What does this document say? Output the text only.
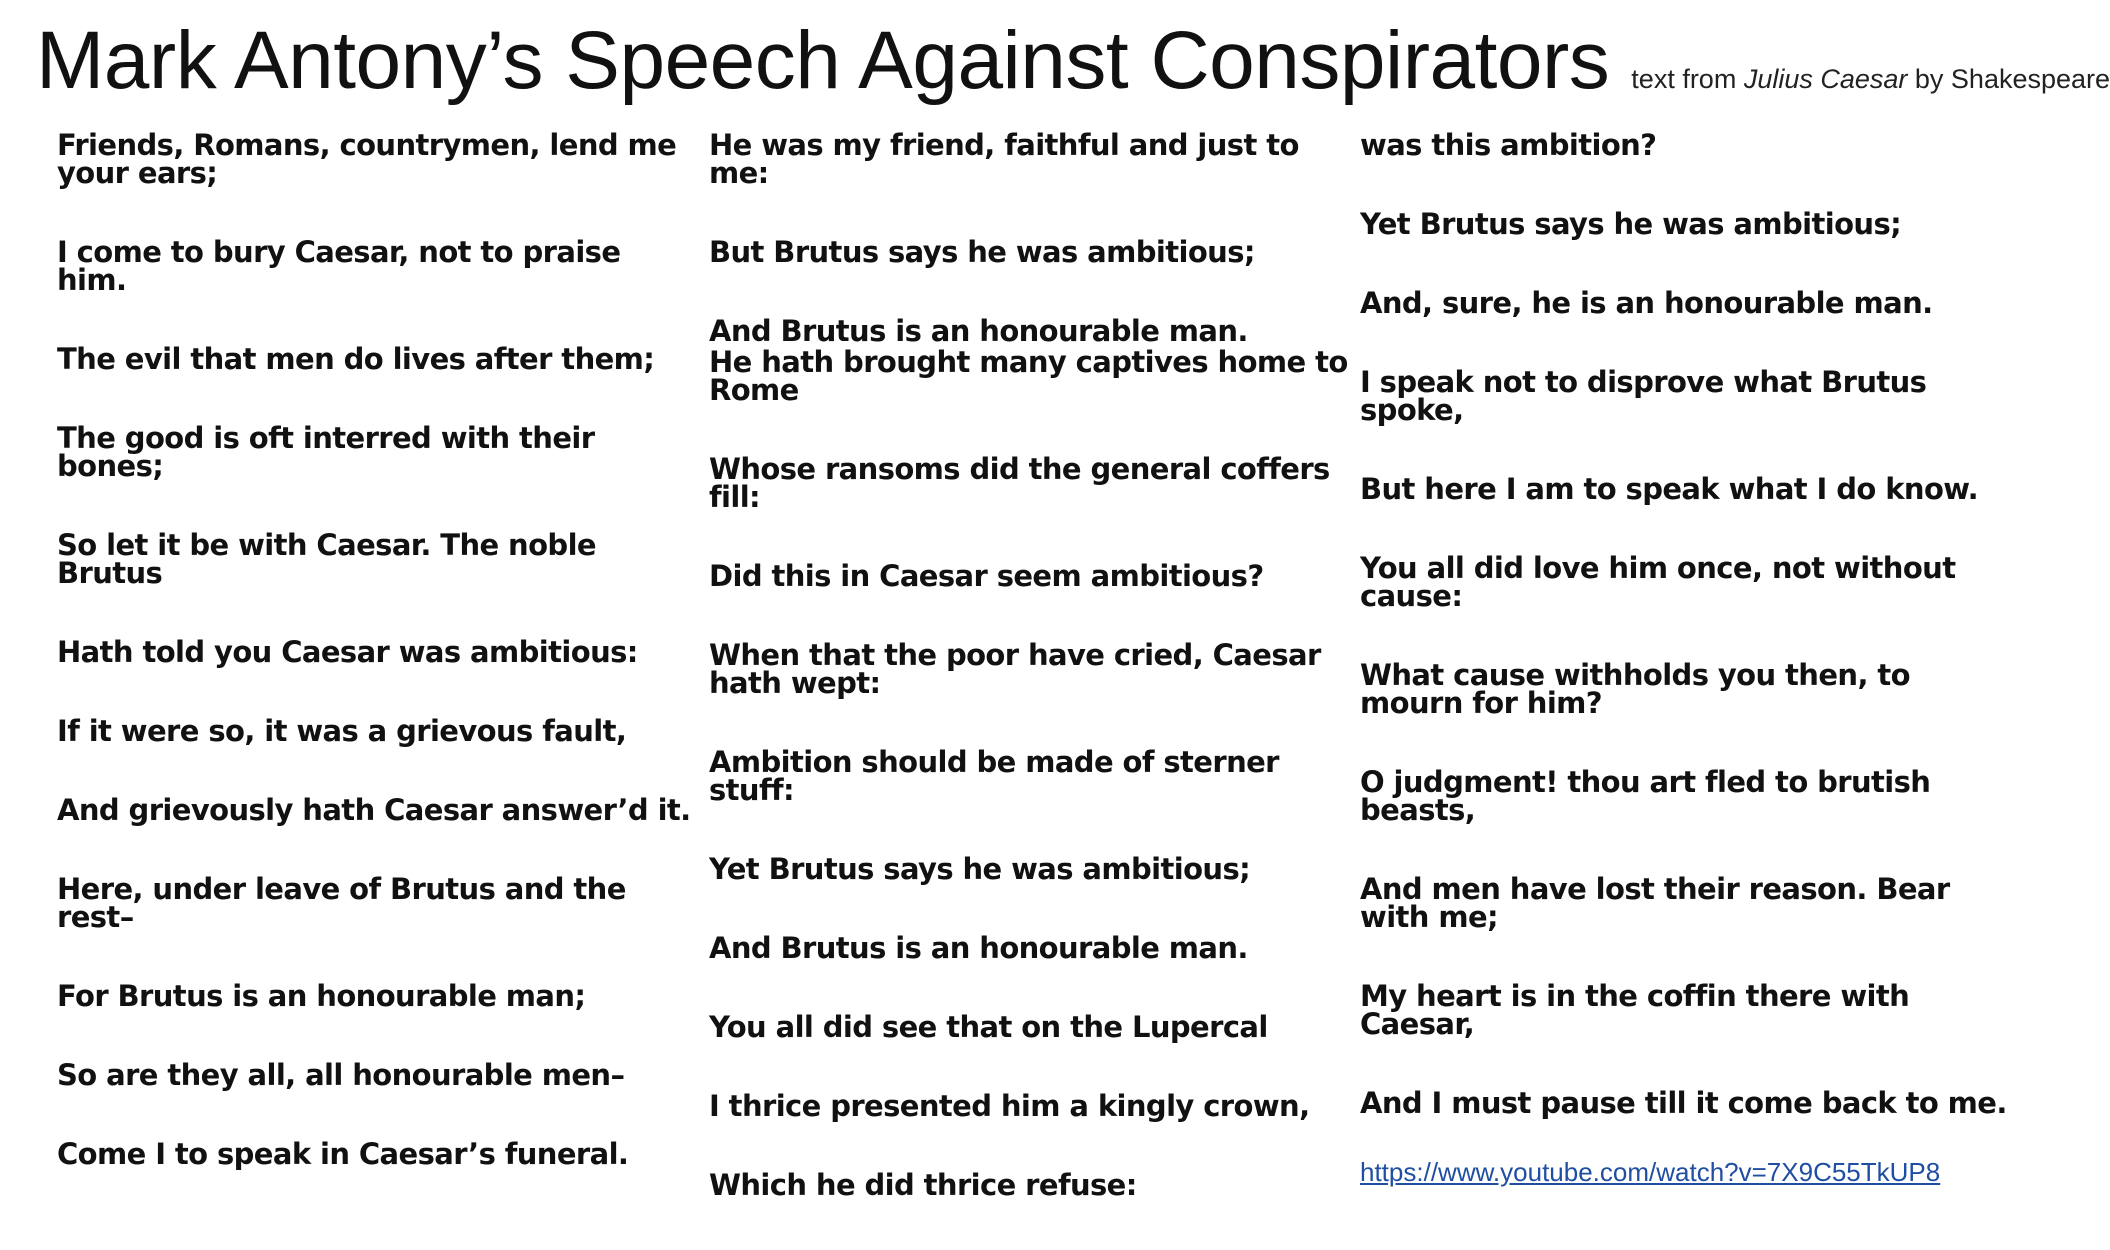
Mark Antony’s Speech Against Conspirators text from Julius Caesar by Shakespeare

Friends, Romans, countrymen, lend me your ears;

I come to bury Caesar, not to praise him.

The evil that men do lives after them;

The good is oft interred with their bones;

So let it be with Caesar. The noble Brutus

Hath told you Caesar was ambitious:

If it were so, it was a grievous fault,

And grievously hath Caesar answer’d it.

Here, under leave of Brutus and the rest–

For Brutus is an honourable man;

So are they all, all honourable men–

Come I to speak in Caesar’s funeral.

He was my friend, faithful and just to me:

But Brutus says he was ambitious;

And Brutus is an honourable man.

He hath brought many captives home to Rome

Whose ransoms did the general coffers fill:

Did this in Caesar seem ambitious?

When that the poor have cried, Caesar hath wept:

Ambition should be made of sterner stuff:

Yet Brutus says he was ambitious;

And Brutus is an honourable man.

You all did see that on the Lupercal

I thrice presented him a kingly crown,

Which he did thrice refuse:

was this ambition?

Yet Brutus says he was ambitious;

And, sure, he is an honourable man.

I speak not to disprove what Brutus spoke,

But here I am to speak what I do know.

You all did love him once, not without cause:

What cause withholds you then, to mourn for him?

O judgment! thou art fled to brutish beasts,

And men have lost their reason. Bear with me;

My heart is in the coffin there with Caesar,

And I must pause till it come back to me.

https://www.youtube.com/watch?v=7X9C55TkUP8
